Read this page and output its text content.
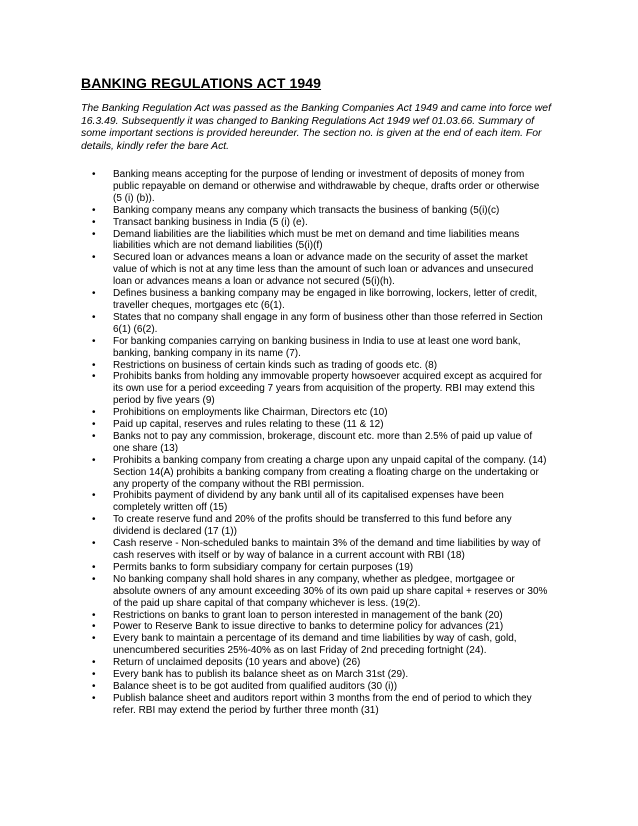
BANKING REGULATIONS ACT 1949

The Banking Regulation Act was passed as the Banking Companies Act 1949 and came into force wef 16.3.49. Subsequently it was changed to Banking Regulations Act 1949 wef 01.03.66. Summary of some important sections is provided hereunder. The section no. is given at the end of each item. For details, kindly refer the bare Act.

• Banking means accepting for the purpose of lending or investment of deposits of money from public repayable on demand or otherwise and withdrawable by cheque, drafts order or otherwise (5 (i) (b)).
• Banking company means any company which transacts the business of banking (5(i)(c)
• Transact banking business in India (5 (i) (e).
• Demand liabilities are the liabilities which must be met on demand and time liabilities means liabilities which are not demand liabilities (5(i)(f)
• Secured loan or advances means a loan or advance made on the security of asset the market value of which is not at any time less than the amount of such loan or advances and unsecured loan or advances means a loan or advance not secured (5(i)(h).
• Defines business a banking company may be engaged in like borrowing, lockers, letter of credit, traveller cheques, mortgages etc (6(1).
• States that no company shall engage in any form of business other than those referred in Section 6(1) (6(2).
• For banking companies carrying on banking business in India to use at least one word bank, banking, banking company in its name (7).
• Restrictions on business of certain kinds such as trading of goods etc. (8)
• Prohibits banks from holding any immovable property howsoever acquired except as acquired for its own use for a period exceeding 7 years from acquisition of the property. RBI may extend this period by five years (9)
• Prohibitions on employments like Chairman, Directors etc (10)
• Paid up capital, reserves and rules relating to these (11 & 12)
• Banks not to pay any commission, brokerage, discount etc. more than 2.5% of paid up value of one share (13)
• Prohibits a banking company from creating a charge upon any unpaid capital of the company. (14) Section 14(A) prohibits a banking company from creating a floating charge on the undertaking or any property of the company without the RBI permission.
• Prohibits payment of dividend by any bank until all of its capitalised expenses have been completely written off (15)
• To create reserve fund and 20% of the profits should be transferred to this fund before any dividend is declared (17 (1))
• Cash reserve - Non-scheduled banks to maintain 3% of the demand and time liabilities by way of cash reserves with itself or by way of balance in a current account with RBI (18)
• Permits banks to form subsidiary company for certain purposes (19)
• No banking company shall hold shares in any company, whether as pledgee, mortgagee or absolute owners of any amount exceeding 30% of its own paid up share capital + reserves or 30% of the paid up share capital of that company whichever is less. (19(2).
• Restrictions on banks to grant loan to person interested in management of the bank (20)
• Power to Reserve Bank to issue directive to banks to determine policy for advances (21)
• Every bank to maintain a percentage of its demand and time liabilities by way of cash, gold, unencumbered securities 25%-40% as on last Friday of 2nd preceding fortnight (24).
• Return of unclaimed deposits (10 years and above) (26)
• Every bank has to publish its balance sheet as on March 31st (29).
• Balance sheet is to be got audited from qualified auditors (30 (i))
• Publish balance sheet and auditors report within 3 months from the end of period to which they refer. RBI may extend the period by further three month (31)
